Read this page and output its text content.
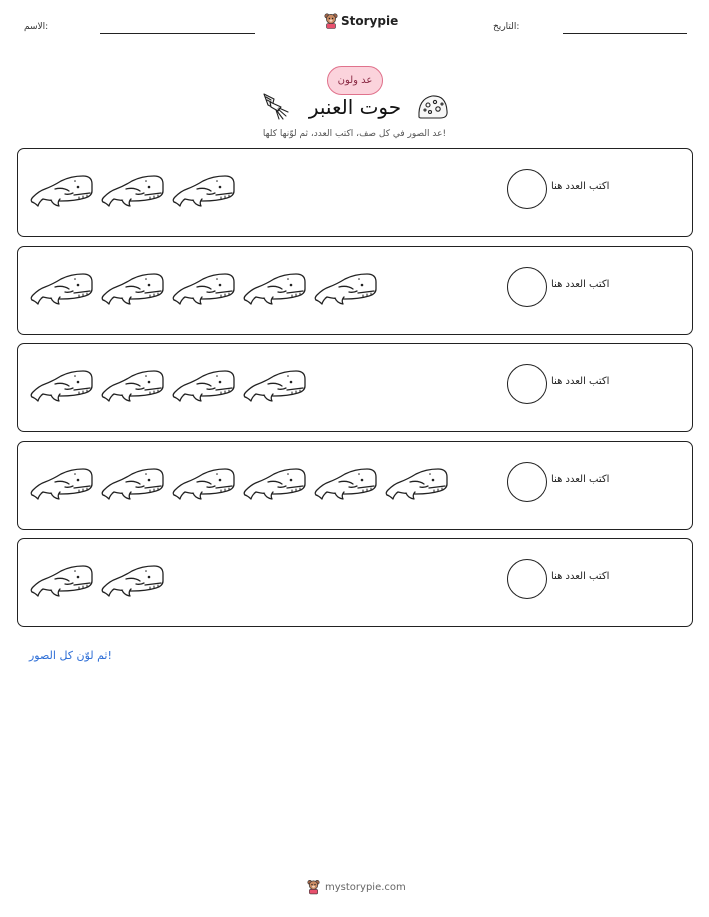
الاسم:	Storypie	التاريخ:
عد ولون
حوت العنبر
عد الصور في كل صف، اكتب العدد، ثم لوّنها كلها!
اكتب العدد هنا
اكتب العدد هنا
اكتب العدد هنا
اكتب العدد هنا
اكتب العدد هنا
ثم لوّن كل الصور!
mystorypie.com
